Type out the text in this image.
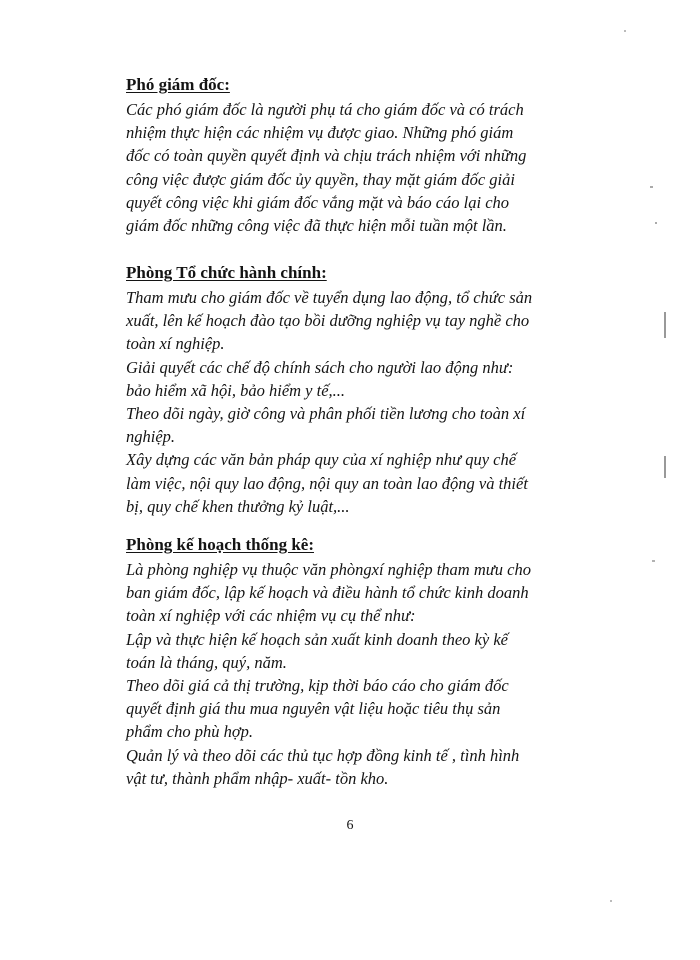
Phó giám đốc:
Các phó giám đốc là người phụ tá cho giám đốc và có trách
nhiệm thực hiện các nhiệm vụ được giao. Những phó giám
đốc có toàn quyền quyết định và chịu trách nhiệm với những
công việc được giám đốc ủy quyền, thay mặt giám đốc giải
quyết công việc khi giám đốc vắng mặt và báo cáo lại cho
giám đốc những công việc đã thực hiện mỗi tuần một lần.
Phòng Tổ chức hành chính:
Tham mưu cho giám đốc về tuyển dụng lao động, tổ chức sản
xuất, lên kế hoạch đào tạo bồi dưỡng nghiệp vụ tay nghề cho
toàn xí nghiệp.
Giải quyết các chế độ chính sách cho người lao động như:
bảo hiểm xã hội, bảo hiểm y tế,...
Theo dõi ngày, giờ công và phân phối tiền lương cho toàn xí
nghiệp.
Xây dựng các văn bản pháp quy của xí nghiệp như quy chế
làm việc, nội quy lao động, nội quy an toàn lao động và thiết
bị, quy chế khen thưởng kỷ luật,...
Phòng kế hoạch thống kê:
Là phòng nghiệp vụ thuộc văn phòngxí nghiệp tham mưu cho
ban giám đốc, lập kế hoạch và điều hành tổ chức kinh doanh
toàn xí nghiệp với các nhiệm vụ cụ thể như:
Lập và thực hiện kế hoạch sản xuất kinh doanh theo kỳ kế
toán là tháng, quý, năm.
Theo dõi giá cả thị trường, kịp thời báo cáo cho giám đốc
quyết định giá thu mua nguyên vật liệu hoặc tiêu thụ sản
phẩm cho phù hợp.
Quản lý và theo dõi các thủ tục hợp đồng kinh tế , tình hình
vật tư, thành phẩm nhập- xuất- tồn kho.
6
